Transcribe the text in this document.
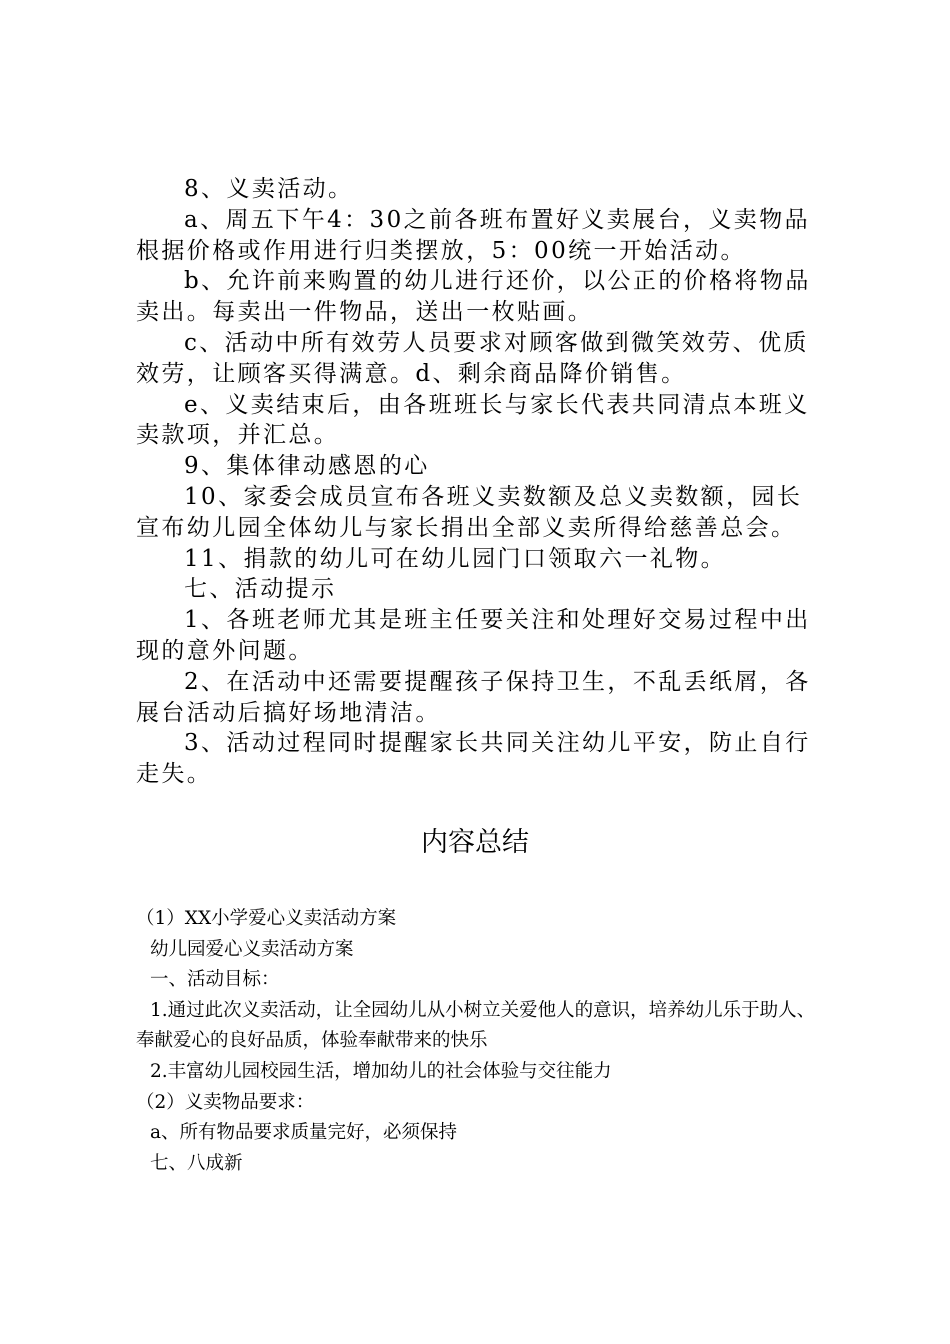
8、义卖活动。

a、周五下午4：30之前各班布置好义卖展台，义卖物品根据价格或作用进行归类摆放，5：00统一开始活动。

b、允许前来购置的幼儿进行还价，以公正的价格将物品卖出。每卖出一件物品，送出一枚贴画。

c、活动中所有效劳人员要求对顾客做到微笑效劳、优质效劳，让顾客买得满意。d、剩余商品降价销售。

e、义卖结束后，由各班班长与家长代表共同清点本班义卖款项，并汇总。

9、集体律动感恩的心

10、家委会成员宣布各班义卖数额及总义卖数额，园长宣布幼儿园全体幼儿与家长捐出全部义卖所得给慈善总会。

11、捐款的幼儿可在幼儿园门口领取六一礼物。

七、活动提示

1、各班老师尤其是班主任要关注和处理好交易过程中出现的意外问题。

2、在活动中还需要提醒孩子保持卫生，不乱丢纸屑，各展台活动后搞好场地清洁。

3、活动过程同时提醒家长共同关注幼儿平安，防止自行走失。

内容总结

（1）XX小学爱心义卖活动方案

幼儿园爱心义卖活动方案

一、活动目标：

1.通过此次义卖活动，让全园幼儿从小树立关爱他人的意识，培养幼儿乐于助人、奉献爱心的良好品质，体验奉献带来的快乐

2.丰富幼儿园校园生活，增加幼儿的社会体验与交往能力

（2）义卖物品要求：

a、所有物品要求质量完好，必须保持

七、八成新
